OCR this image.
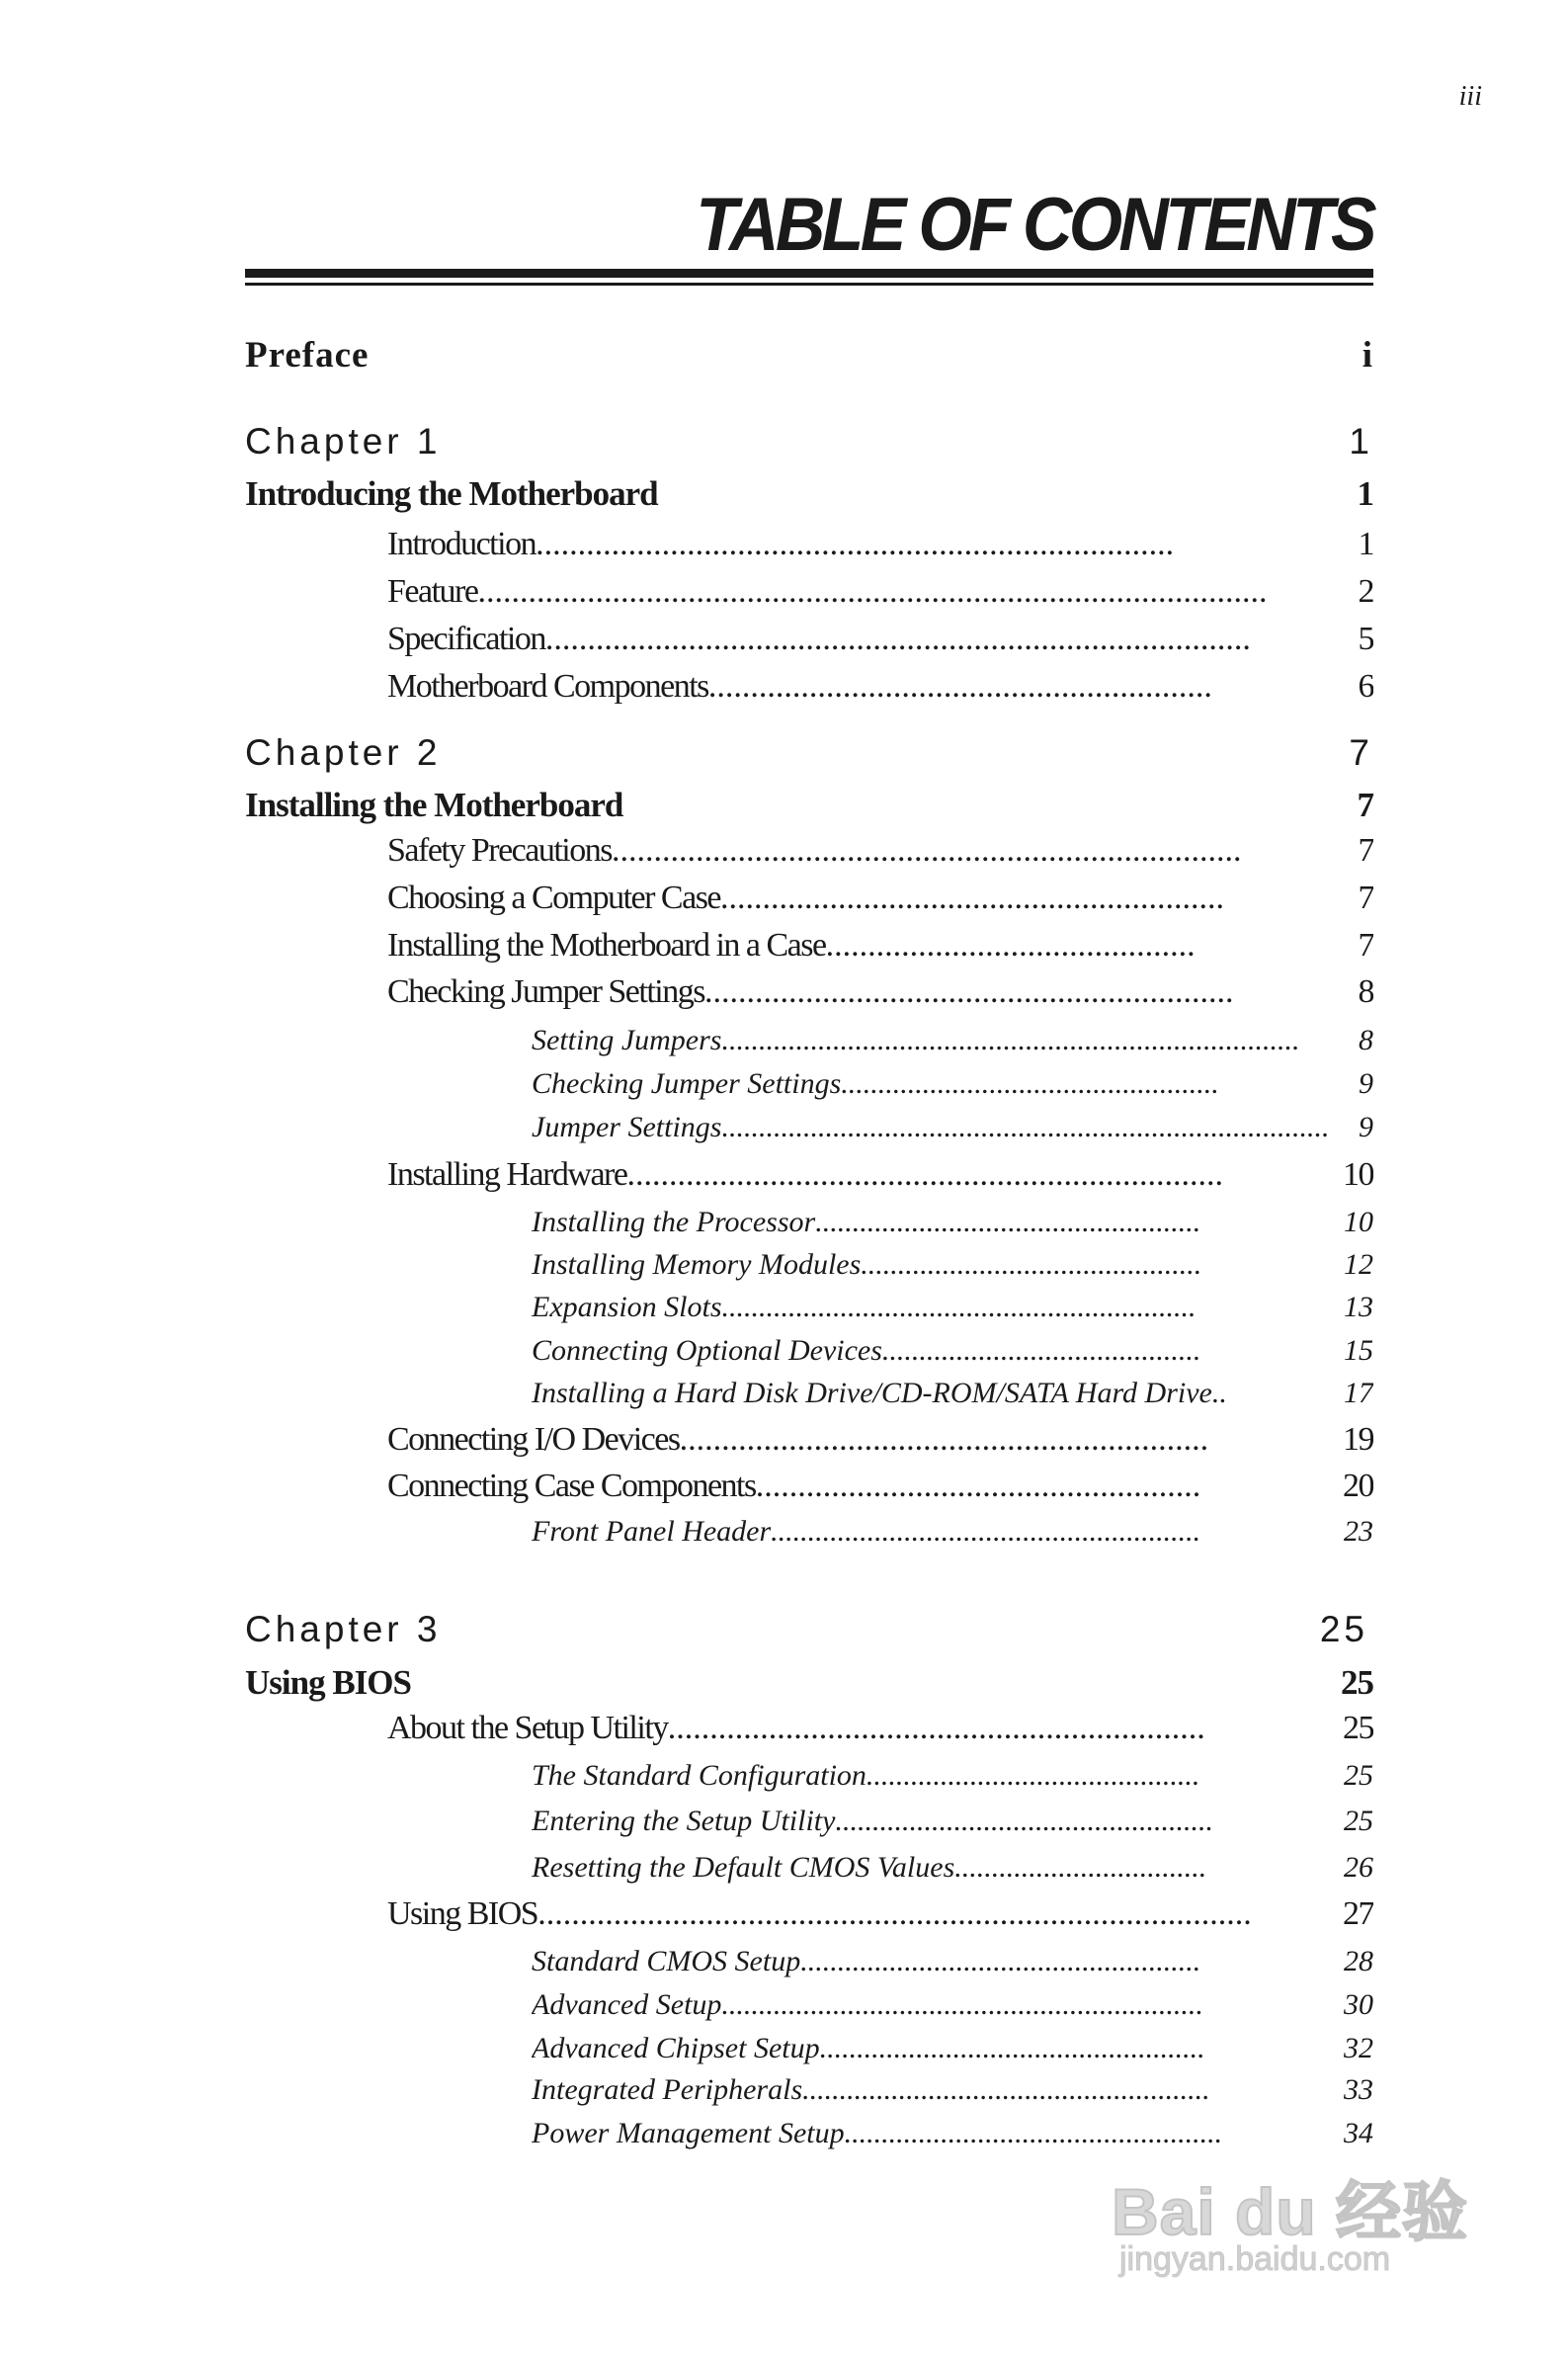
iii
TABLE OF CONTENTS
Preface	i
Chapter 1	1
Introducing the Motherboard	1
Introduction ............................................................................	1
Feature ..............................................................................................	2
Specification ....................................................................................	5
Motherboard Components ............................................................	6
Chapter 2	7
Installing the Motherboard	7
Safety Precautions ...........................................................................	7
Choosing a Computer Case ............................................................	7
Installing the Motherboard in a Case ............................................	7
Checking Jumper Settings ...............................................................	8
Setting Jumpers ..............................................................................	8
Checking Jumper Settings ...................................................	9
Jumper Settings .................................................................................. 9
Installing Hardware .......................................................................	10
Installing the Processor ....................................................	10
Installing Memory Modules ..............................................	12
Expansion Slots ................................................................	13
Connecting Optional Devices ...........................................	15
Installing a Hard Disk Drive/CD-ROM/SATA Hard Drive ..	17
Connecting I/O Devices ...............................................................	19
Connecting Case Components .....................................................	20
Front Panel Header ..........................................................	23
Chapter 3	25
Using BIOS	25
About the Setup Utility ................................................................	25
The Standard Configuration .............................................	25
Entering the Setup Utility ...................................................	25
Resetting the Default CMOS Values ..................................	26
Using BIOS .....................................................................................	27
Standard CMOS Setup ......................................................	28
Advanced Setup .................................................................	30
Advanced Chipset Setup ....................................................	32
Integrated Peripherals .......................................................	33
Power Management Setup ...................................................	34
Bai du 经验
jingyan.baidu.com
